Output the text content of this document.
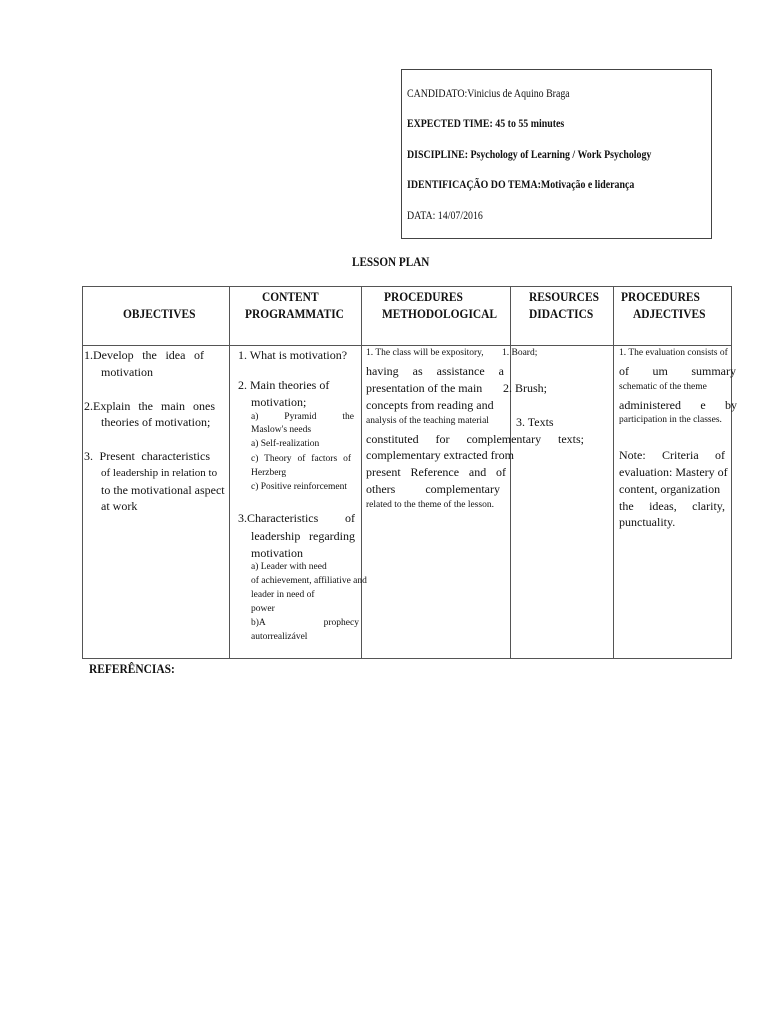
CANDIDATO:Vinicius de Aquino Braga
EXPECTED TIME: 45 to 55 minutes
DISCIPLINE: Psychology of Learning / Work Psychology
IDENTIFICAÇÃO DO TEMA:Motivação e liderança
DATA: 14/07/2016
LESSON PLAN
OBJECTIVES
CONTENT
PROGRAMMATIC
PROCEDURES
METHODOLOGICAL
RESOURCES
DIDACTICS
PROCEDURES
ADJECTIVES
1.Develop the idea of
motivation
2.Explain the main ones
theories of motivation;
3. Present characteristics
of leadership in relation to
to the motivational aspect
at work
1. What is motivation?
2. Main theories of
motivation;
a) Pyramid the
Maslow's needs
a) Self-realization
c) Theory of factors of
Herzberg
c) Positive reinforcement
3.Characteristics of
leadership regarding
motivation
a) Leader with need
of achievement, affiliative and
leader in need of
power
b)A prophecy
autorrealizável
1. The class will be expository,
having as assistance a
presentation of the main
concepts from reading and
analysis of the teaching material
constituted for complementary texts;
complementary extracted from
present Reference and of
others complementary
related to the theme of the lesson.
1. Board;
2. Brush;
3. Texts
1. The evaluation consists of
of um summary
schematic of the theme
administered e by
participation in the classes.
Note: Criteria of
evaluation: Mastery of
content, organization
the ideas, clarity,
punctuality.
REFERÊNCIAS:
